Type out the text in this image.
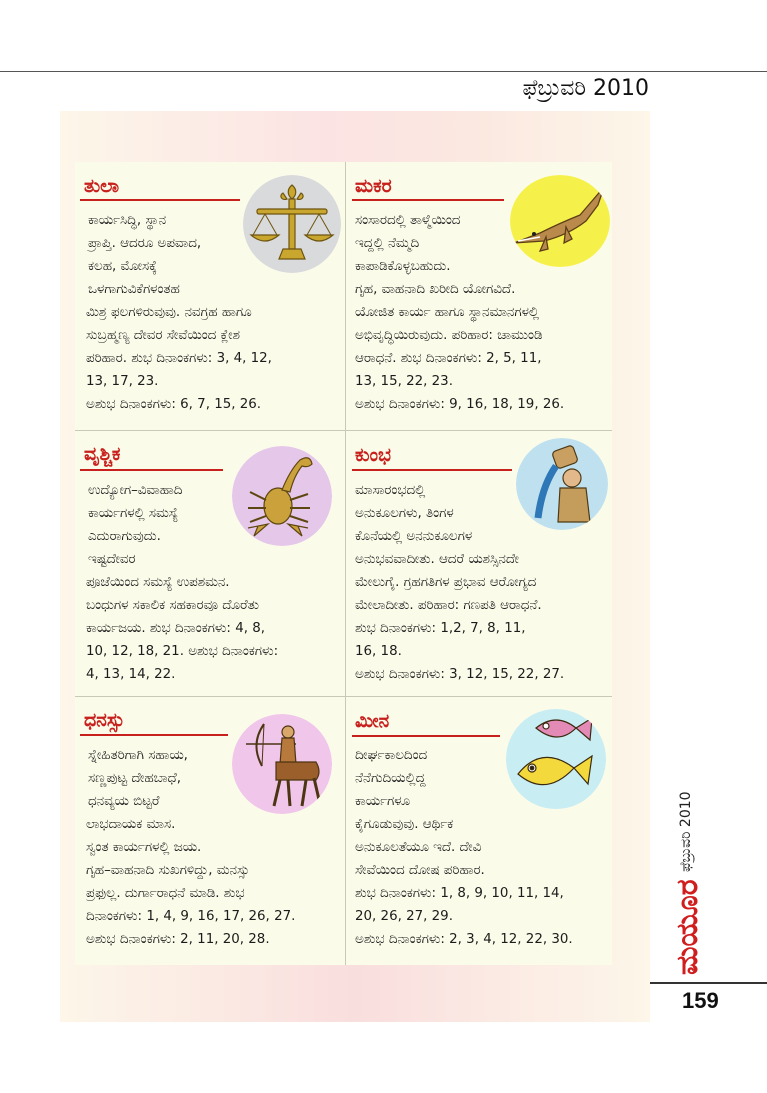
ಫೆಬ್ರುವರಿ 2010
ತುಲಾ
ಕಾರ್ಯಸಿದ್ಧಿ, ಸ್ಥಾನ
ಪ್ರಾಪ್ತಿ. ಆದರೂ ಅಪವಾದ,
ಕಲಹ, ಮೋಸಕ್ಕೆ
ಒಳಗಾಗುವಿಕೆಗಳಂತಹ
ಮಿಶ್ರ ಫಲಗಳಿರುವುವು. ನವಗ್ರಹ ಹಾಗೂ
ಸುಬ್ರಹ್ಮಣ್ಯ ದೇವರ ಸೇವೆಯಿಂದ ಕ್ಲೇಶ
ಪರಿಹಾರ. ಶುಭ ದಿನಾಂಕಗಳು: 3, 4, 12,
13, 17, 23.
ಅಶುಭ ದಿನಾಂಕಗಳು: 6, 7, 15, 26.
ಮಕರ
ಸಂಸಾರದಲ್ಲಿ ತಾಳ್ಮೆಯಿಂದ
ಇದ್ದಲ್ಲಿ ನೆಮ್ಮದಿ
ಕಾಪಾಡಿಕೊಳ್ಳಬಹುದು.
ಗೃಹ, ವಾಹನಾದಿ ಖರೀದಿ ಯೋಗವಿದೆ.
ಯೋಜಿತ ಕಾರ್ಯ ಹಾಗೂ ಸ್ಥಾನಮಾನಗಳಲ್ಲಿ
ಅಭಿವೃದ್ಧಿಯಿರುವುದು. ಪರಿಹಾರ: ಚಾಮುಂಡಿ
ಆರಾಧನೆ. ಶುಭ ದಿನಾಂಕಗಳು: 2, 5, 11,
13, 15, 22, 23.
ಅಶುಭ ದಿನಾಂಕಗಳು: 9, 16, 18, 19, 26.
ವೃಶ್ಚಿಕ
ಉದ್ಯೋಗ–ವಿವಾಹಾದಿ
ಕಾರ್ಯಗಳಲ್ಲಿ ಸಮಸ್ಯೆ
ಎದುರಾಗುವುದು.
ಇಷ್ಟದೇವರ
ಪೂಜೆಯಿಂದ ಸಮಸ್ಯೆ ಉಪಶಮನ.
ಬಂಧುಗಳ ಸಕಾಲಿಕ ಸಹಕಾರವೂ ದೊರೆತು
ಕಾರ್ಯಜಯ. ಶುಭ ದಿನಾಂಕಗಳು: 4, 8,
10, 12, 18, 21. ಅಶುಭ ದಿನಾಂಕಗಳು:
4, 13, 14, 22.
ಕುಂಭ
ಮಾಸಾರಂಭದಲ್ಲಿ
ಅನುಕೂಲಗಳು, ತಿಂಗಳ
ಕೊನೆಯಲ್ಲಿ ಅನನುಕೂಲಗಳ
ಅನುಭವವಾದೀತು. ಆದರೆ ಯಶಸ್ಸಿನದೇ
ಮೇಲುಗೈ. ಗ್ರಹಗತಿಗಳ ಪ್ರಭಾವ ಆರೋಗ್ಯದ
ಮೇಲಾದೀತು. ಪರಿಹಾರ: ಗಣಪತಿ ಆರಾಧನೆ.
ಶುಭ ದಿನಾಂಕಗಳು: 1,2, 7, 8, 11,
16, 18.
ಅಶುಭ ದಿನಾಂಕಗಳು: 3, 12, 15, 22, 27.
ಧನಸ್ಸು
ಸ್ನೇಹಿತರಿಗಾಗಿ ಸಹಾಯ,
ಸಣ್ಣಪುಟ್ಟ ದೇಹಬಾಧೆ,
ಧನವ್ಯಯ ಬಿಟ್ಟರೆ
ಲಾಭದಾಯಕ ಮಾಸ.
ಸ್ವಂತ ಕಾರ್ಯಗಳಲ್ಲಿ ಜಯ.
ಗೃಹ–ವಾಹನಾದಿ ಸುಖಗಳಿದ್ದು, ಮನಸ್ಸು
ಪ್ರಫುಲ್ಲ. ದುರ್ಗಾರಾಧನೆ ಮಾಡಿ. ಶುಭ
ದಿನಾಂಕಗಳು: 1, 4, 9, 16, 17, 26, 27.
ಅಶುಭ ದಿನಾಂಕಗಳು: 2, 11, 20, 28.
ಮೀನ
ದೀರ್ಘಕಾಲದಿಂದ
ನೆನೆಗುದಿಯಲ್ಲಿದ್ದ
ಕಾರ್ಯಗಳೂ
ಕೈಗೂಡುವುವು. ಆರ್ಥಿಕ
ಅನುಕೂಲತೆಯೂ ಇದೆ. ದೇವಿ
ಸೇವೆಯಿಂದ ದೋಷ ಪರಿಹಾರ.
ಶುಭ ದಿನಾಂಕಗಳು: 1, 8, 9, 10, 11, 14,
20, 26, 27, 29.
ಅಶುಭ ದಿನಾಂಕಗಳು: 2, 3, 4, 12, 22, 30.
ಫೆಬ್ರುವರಿ 2010
ಮಯೂರ
159
